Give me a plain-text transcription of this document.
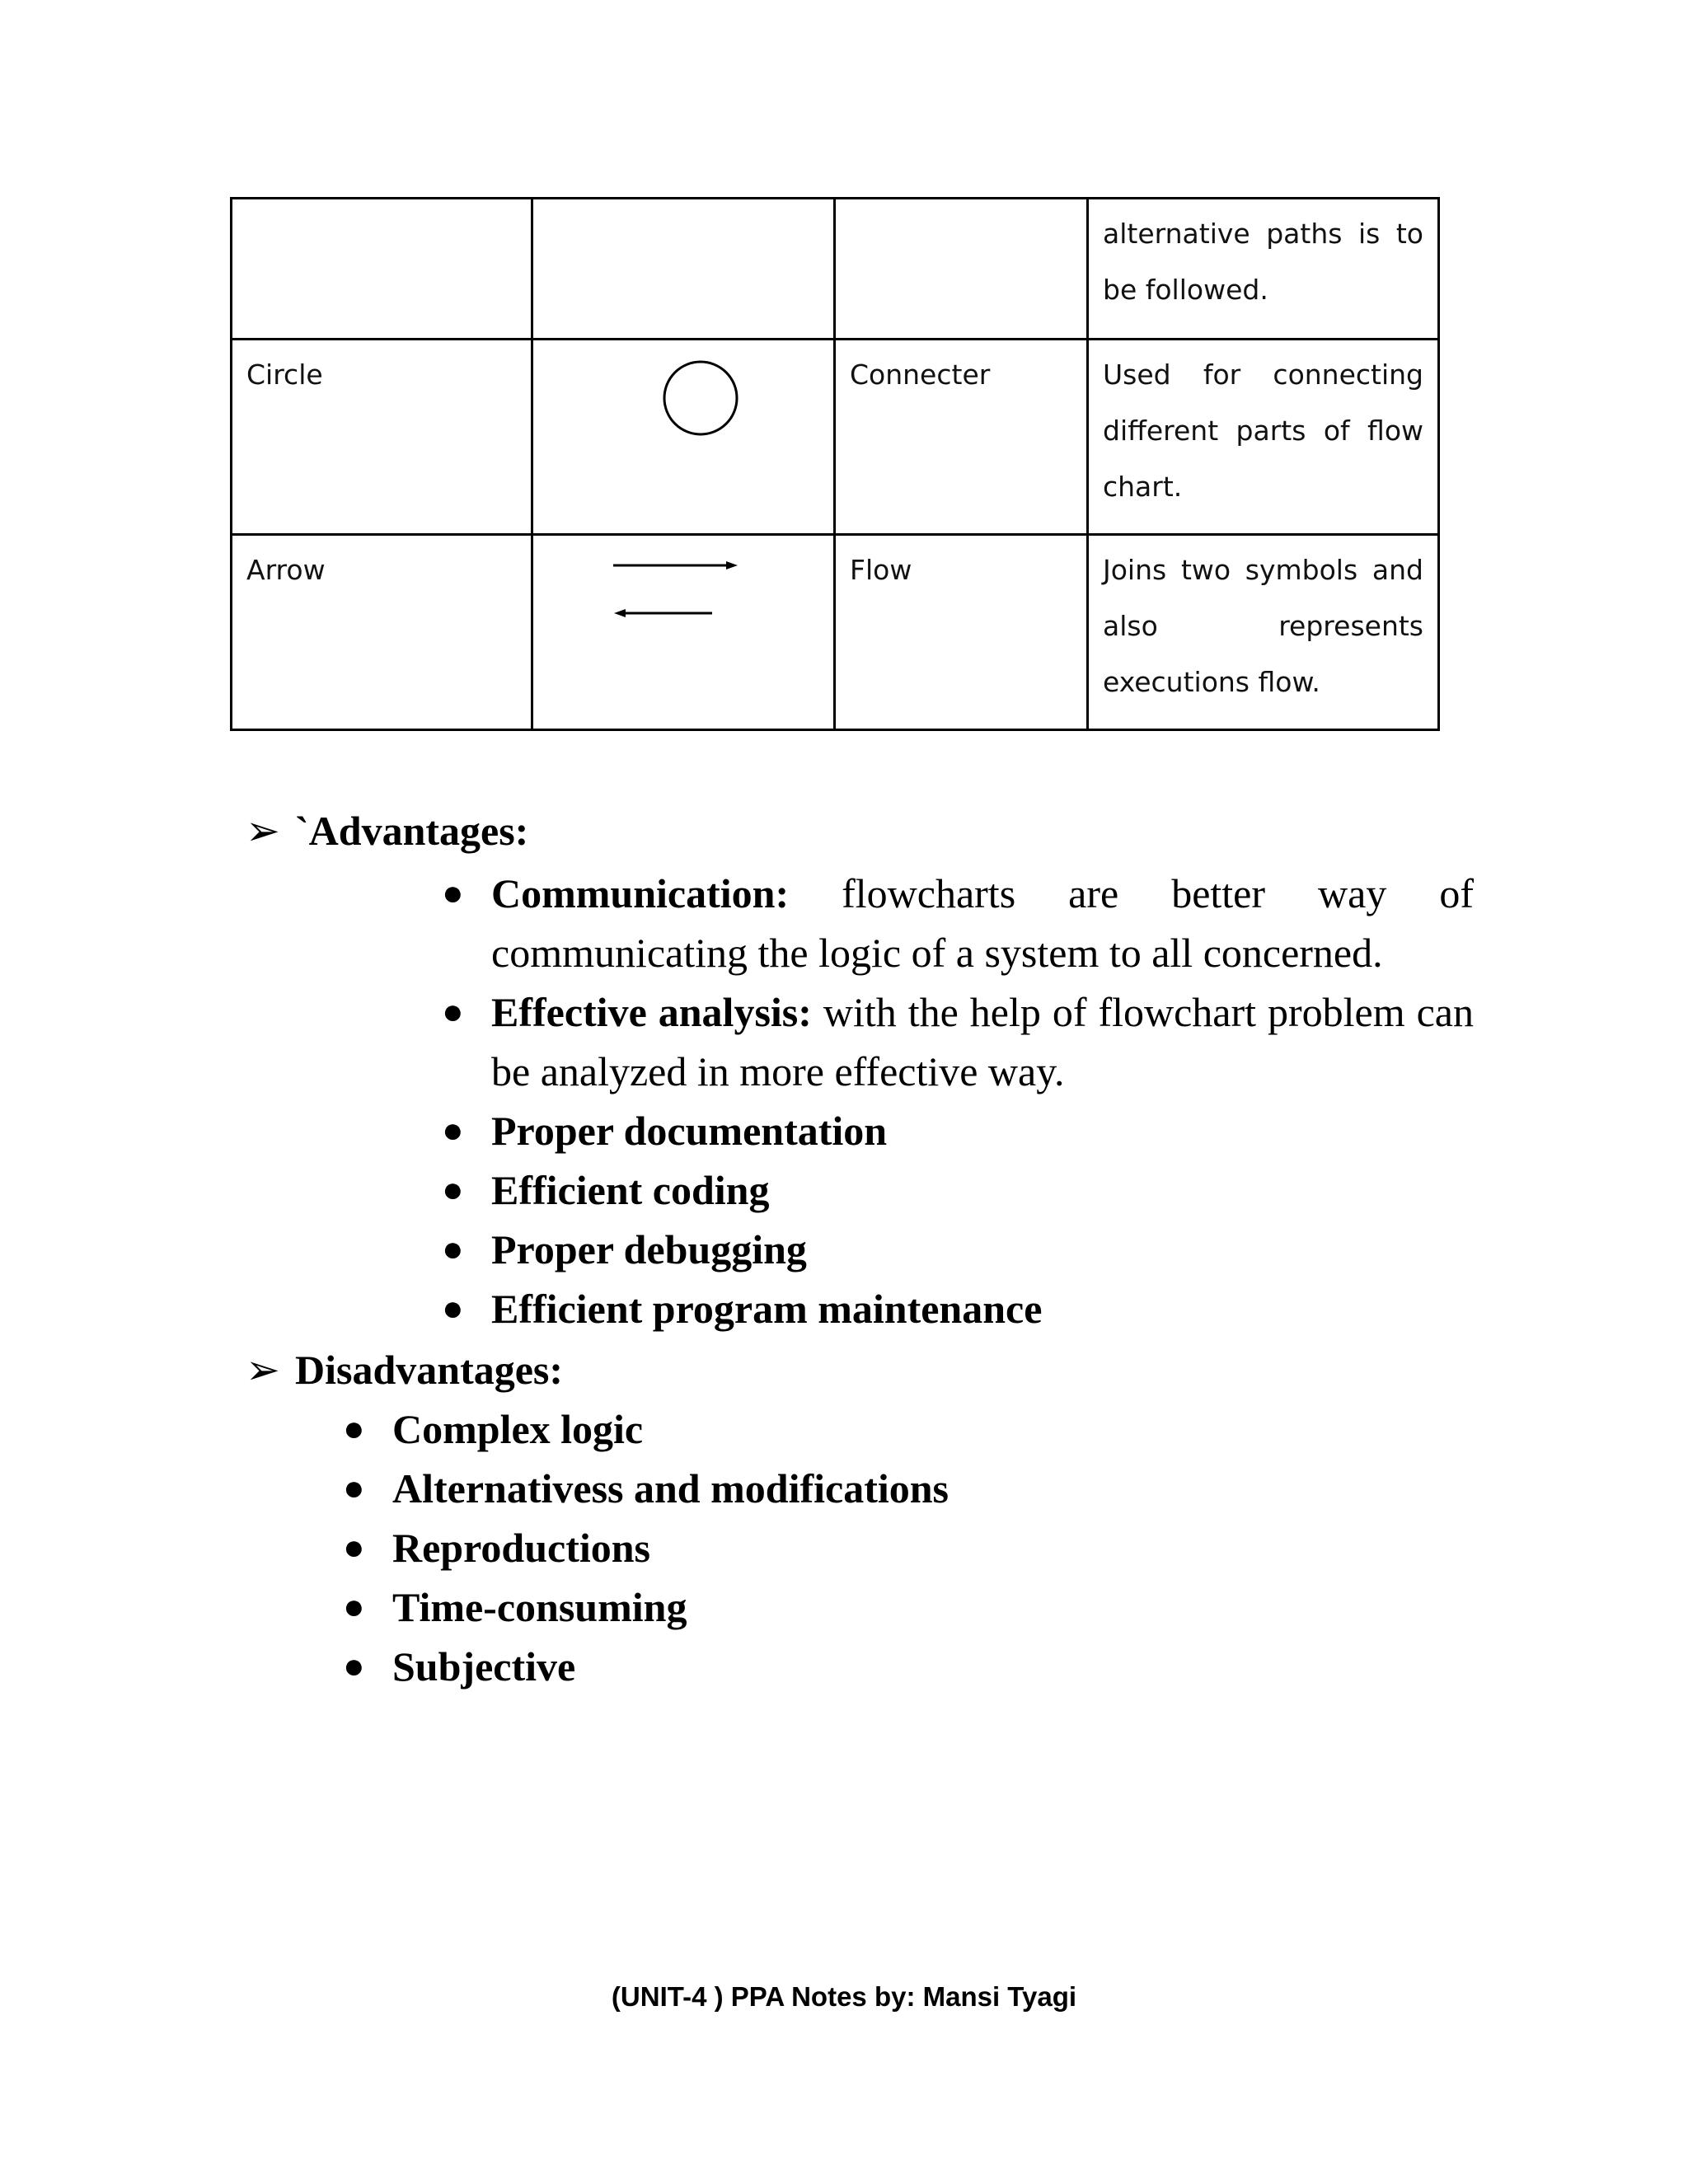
			alternative paths is to be followed.
Circle		Connecter	Used for connecting different parts of flow chart.
Arrow		Flow	Joins two symbols and also represents executions flow.
➢ `Advantages:
● Communication: flowcharts are better way of communicating the logic of a system to all concerned.
● Effective analysis: with the help of flowchart problem can be analyzed in more effective way.
● Proper documentation
● Efficient coding
● Proper debugging
● Efficient program maintenance
➢ Disadvantages:
● Complex logic
● Alternativess and modifications
● Reproductions
● Time-consuming
● Subjective
(UNIT-4 ) PPA Notes by: Mansi Tyagi
